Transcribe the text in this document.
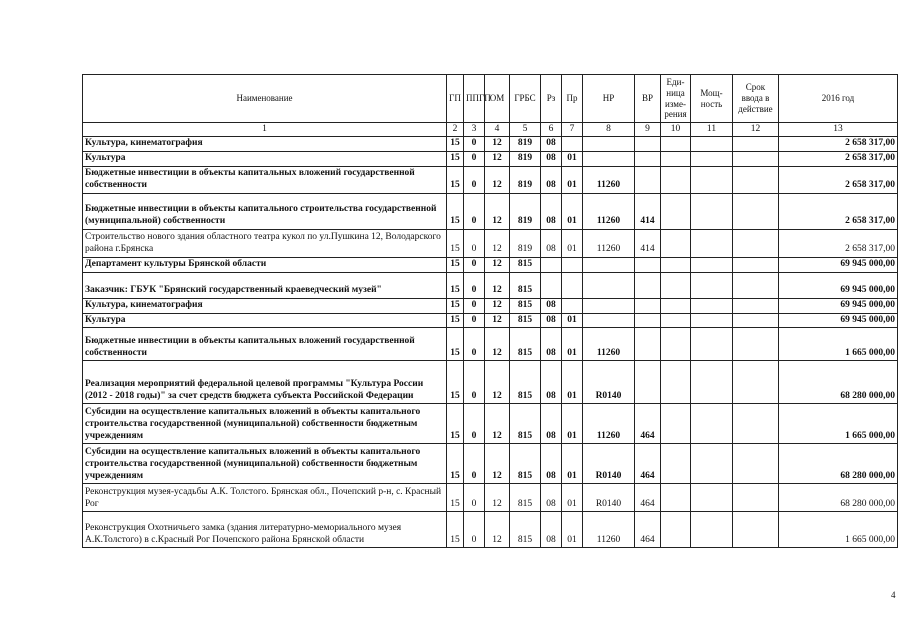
Наименование	ГП	ППГП	ОМ	ГРБС	Рз	Пр	НР	ВР	Еди-ница изме-рения	Мощ-ность	Срок ввода в действие	2016 год
1	2	3	4	5	6	7	8	9	10	11	12	13
Культура, кинематография	15	0	12	819	08							2 658 317,00
Культура	15	0	12	819	08	01						2 658 317,00
Бюджетные инвестиции в объекты капитальных вложений государственной собственности	15	0	12	819	08	01	11260					2 658 317,00
Бюджетные инвестиции в объекты капитального строительства государственной (муниципальной) собственности	15	0	12	819	08	01	11260	414				2 658 317,00
Строительство нового здания областного театра кукол по ул.Пушкина 12, Володарского района г.Брянска	15	0	12	819	08	01	11260	414				2 658 317,00
Департамент культуры Брянской области	15	0	12	815								69 945 000,00
Заказчик: ГБУК "Брянский государственный краеведческий музей"	15	0	12	815								69 945 000,00
Культура, кинематография	15	0	12	815	08							69 945 000,00
Культура	15	0	12	815	08	01						69 945 000,00
Бюджетные инвестиции в объекты капитальных вложений государственной собственности	15	0	12	815	08	01	11260					1 665 000,00
Реализация мероприятий федеральной целевой программы "Культура России (2012 - 2018 годы)" за счет средств бюджета субъекта Российской Федерации	15	0	12	815	08	01	R0140					68 280 000,00
Субсидии на осуществление капитальных вложений в объекты капитального строительства государственной (муниципальной) собственности бюджетным учреждениям	15	0	12	815	08	01	11260	464				1 665 000,00
Субсидии на осуществление капитальных вложений в объекты капитального строительства государственной (муниципальной) собственности бюджетным учреждениям	15	0	12	815	08	01	R0140	464				68 280 000,00
Реконструкция музея-усадьбы А.К. Толстого. Брянская обл., Почепский р-н, с. Красный Рог	15	0	12	815	08	01	R0140	464				68 280 000,00
Реконструкция Охотничьего замка (здания литературно-мемориального музея А.К.Толстого) в с.Красный Рог Почепского района Брянской области	15	0	12	815	08	01	11260	464				1 665 000,00
4
